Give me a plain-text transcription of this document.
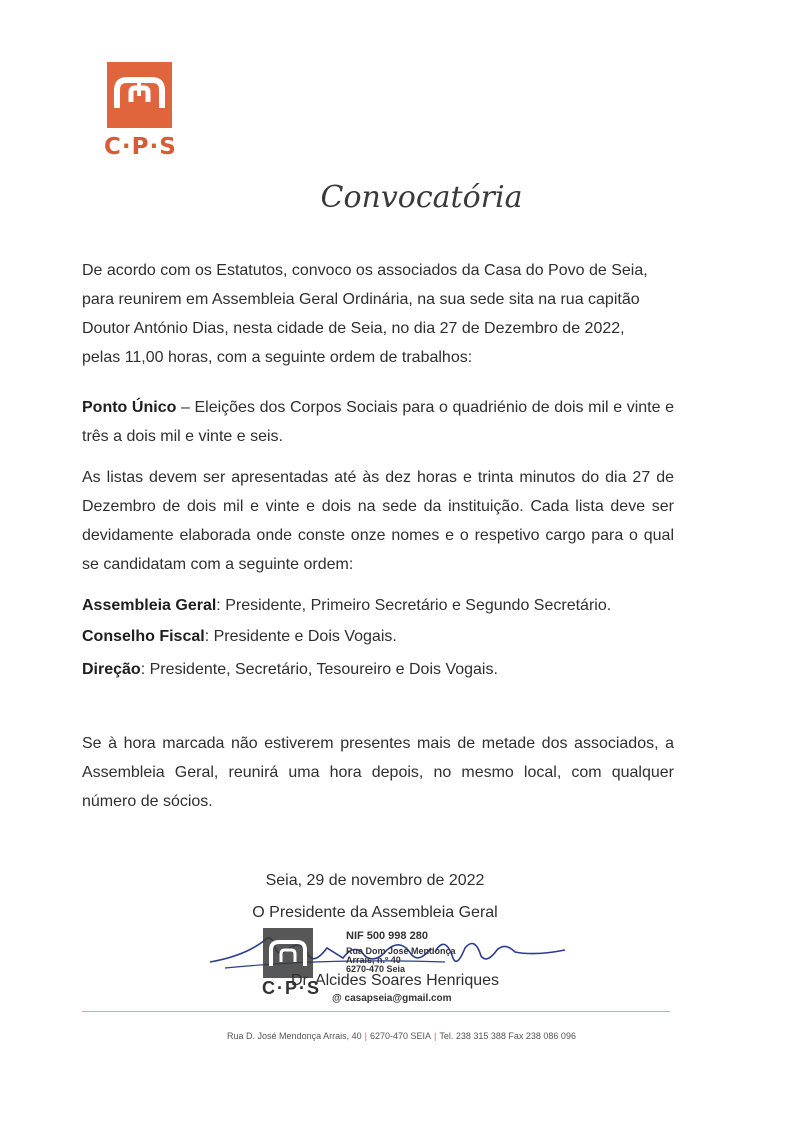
C·P·S
Convocatória
De acordo com os Estatutos, convoco os associados da Casa do Povo de Seia,
para reunirem em Assembleia Geral Ordinária, na sua sede sita na rua capitão
Doutor António Dias, nesta cidade de Seia, no dia 27 de Dezembro de 2022,
pelas 11,00 horas, com a seguinte ordem de trabalhos:
Ponto Único – Eleições dos Corpos Sociais para o quadriénio de dois mil e vinte e três a dois mil e vinte e seis.
As listas devem ser apresentadas até às dez horas e trinta minutos do dia 27 de Dezembro de dois mil e vinte e dois na sede da instituição. Cada lista deve ser devidamente elaborada onde conste onze nomes e o respetivo cargo para o qual se candidatam com a seguinte ordem:
Assembleia Geral: Presidente, Primeiro Secretário e Segundo Secretário.
Conselho Fiscal: Presidente e Dois Vogais.
Direção: Presidente, Secretário, Tesoureiro e Dois Vogais.
Se à hora marcada não estiverem presentes mais de metade dos associados, a Assembleia Geral, reunirá uma hora depois, no mesmo local, com qualquer número de sócios.
Seia, 29 de novembro de 2022
O Presidente da Assembleia Geral
C·P·S
NIF 500 998 280
Rua Dom José Mendonça
Arrais, n.º 40
6270-470 Seia
Dr. Alcides Soares Henriques
@ casapseia@gmail.com
Rua D. José Mendonça Arrais, 40 | 6270-470 SEIA | Tel. 238 315 388 Fax 238 086 096
